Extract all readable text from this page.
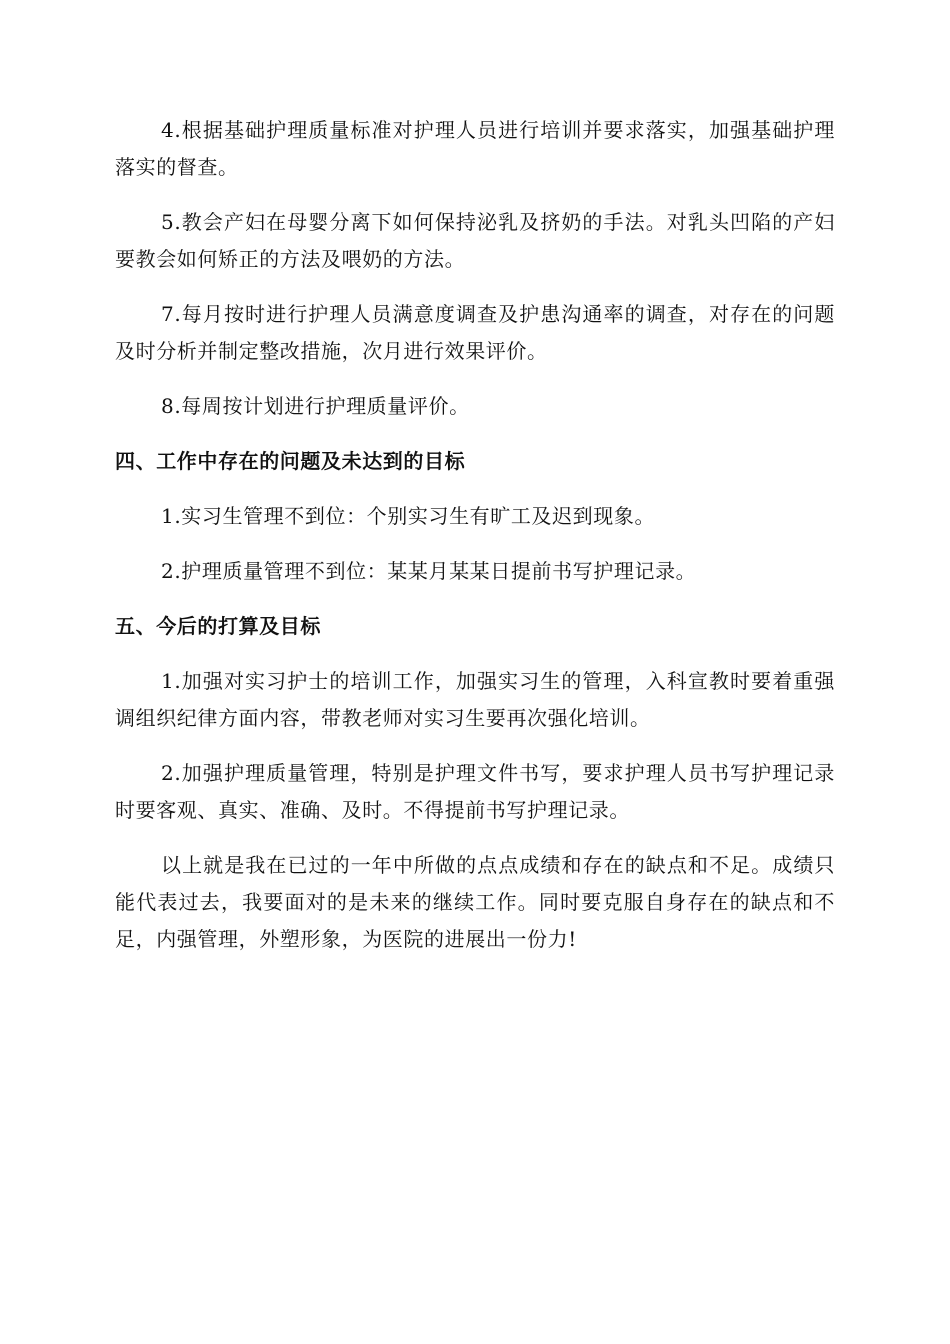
4.根据基础护理质量标准对护理人员进行培训并要求落实，加强基础护理落实的督查。

5.教会产妇在母婴分离下如何保持泌乳及挤奶的手法。对乳头凹陷的产妇要教会如何矫正的方法及喂奶的方法。

7.每月按时进行护理人员满意度调查及护患沟通率的调查，对存在的问题及时分析并制定整改措施，次月进行效果评价。

8.每周按计划进行护理质量评价。

四、工作中存在的问题及未达到的目标

1.实习生管理不到位：个别实习生有旷工及迟到现象。

2.护理质量管理不到位：某某月某某日提前书写护理记录。

五、今后的打算及目标

1.加强对实习护士的培训工作，加强实习生的管理，入科宣教时要着重强调组织纪律方面内容，带教老师对实习生要再次强化培训。

2.加强护理质量管理，特别是护理文件书写，要求护理人员书写护理记录时要客观、真实、准确、及时。不得提前书写护理记录。

以上就是我在已过的一年中所做的点点成绩和存在的缺点和不足。成绩只能代表过去，我要面对的是未来的继续工作。同时要克服自身存在的缺点和不足，内强管理，外塑形象，为医院的进展出一份力!
